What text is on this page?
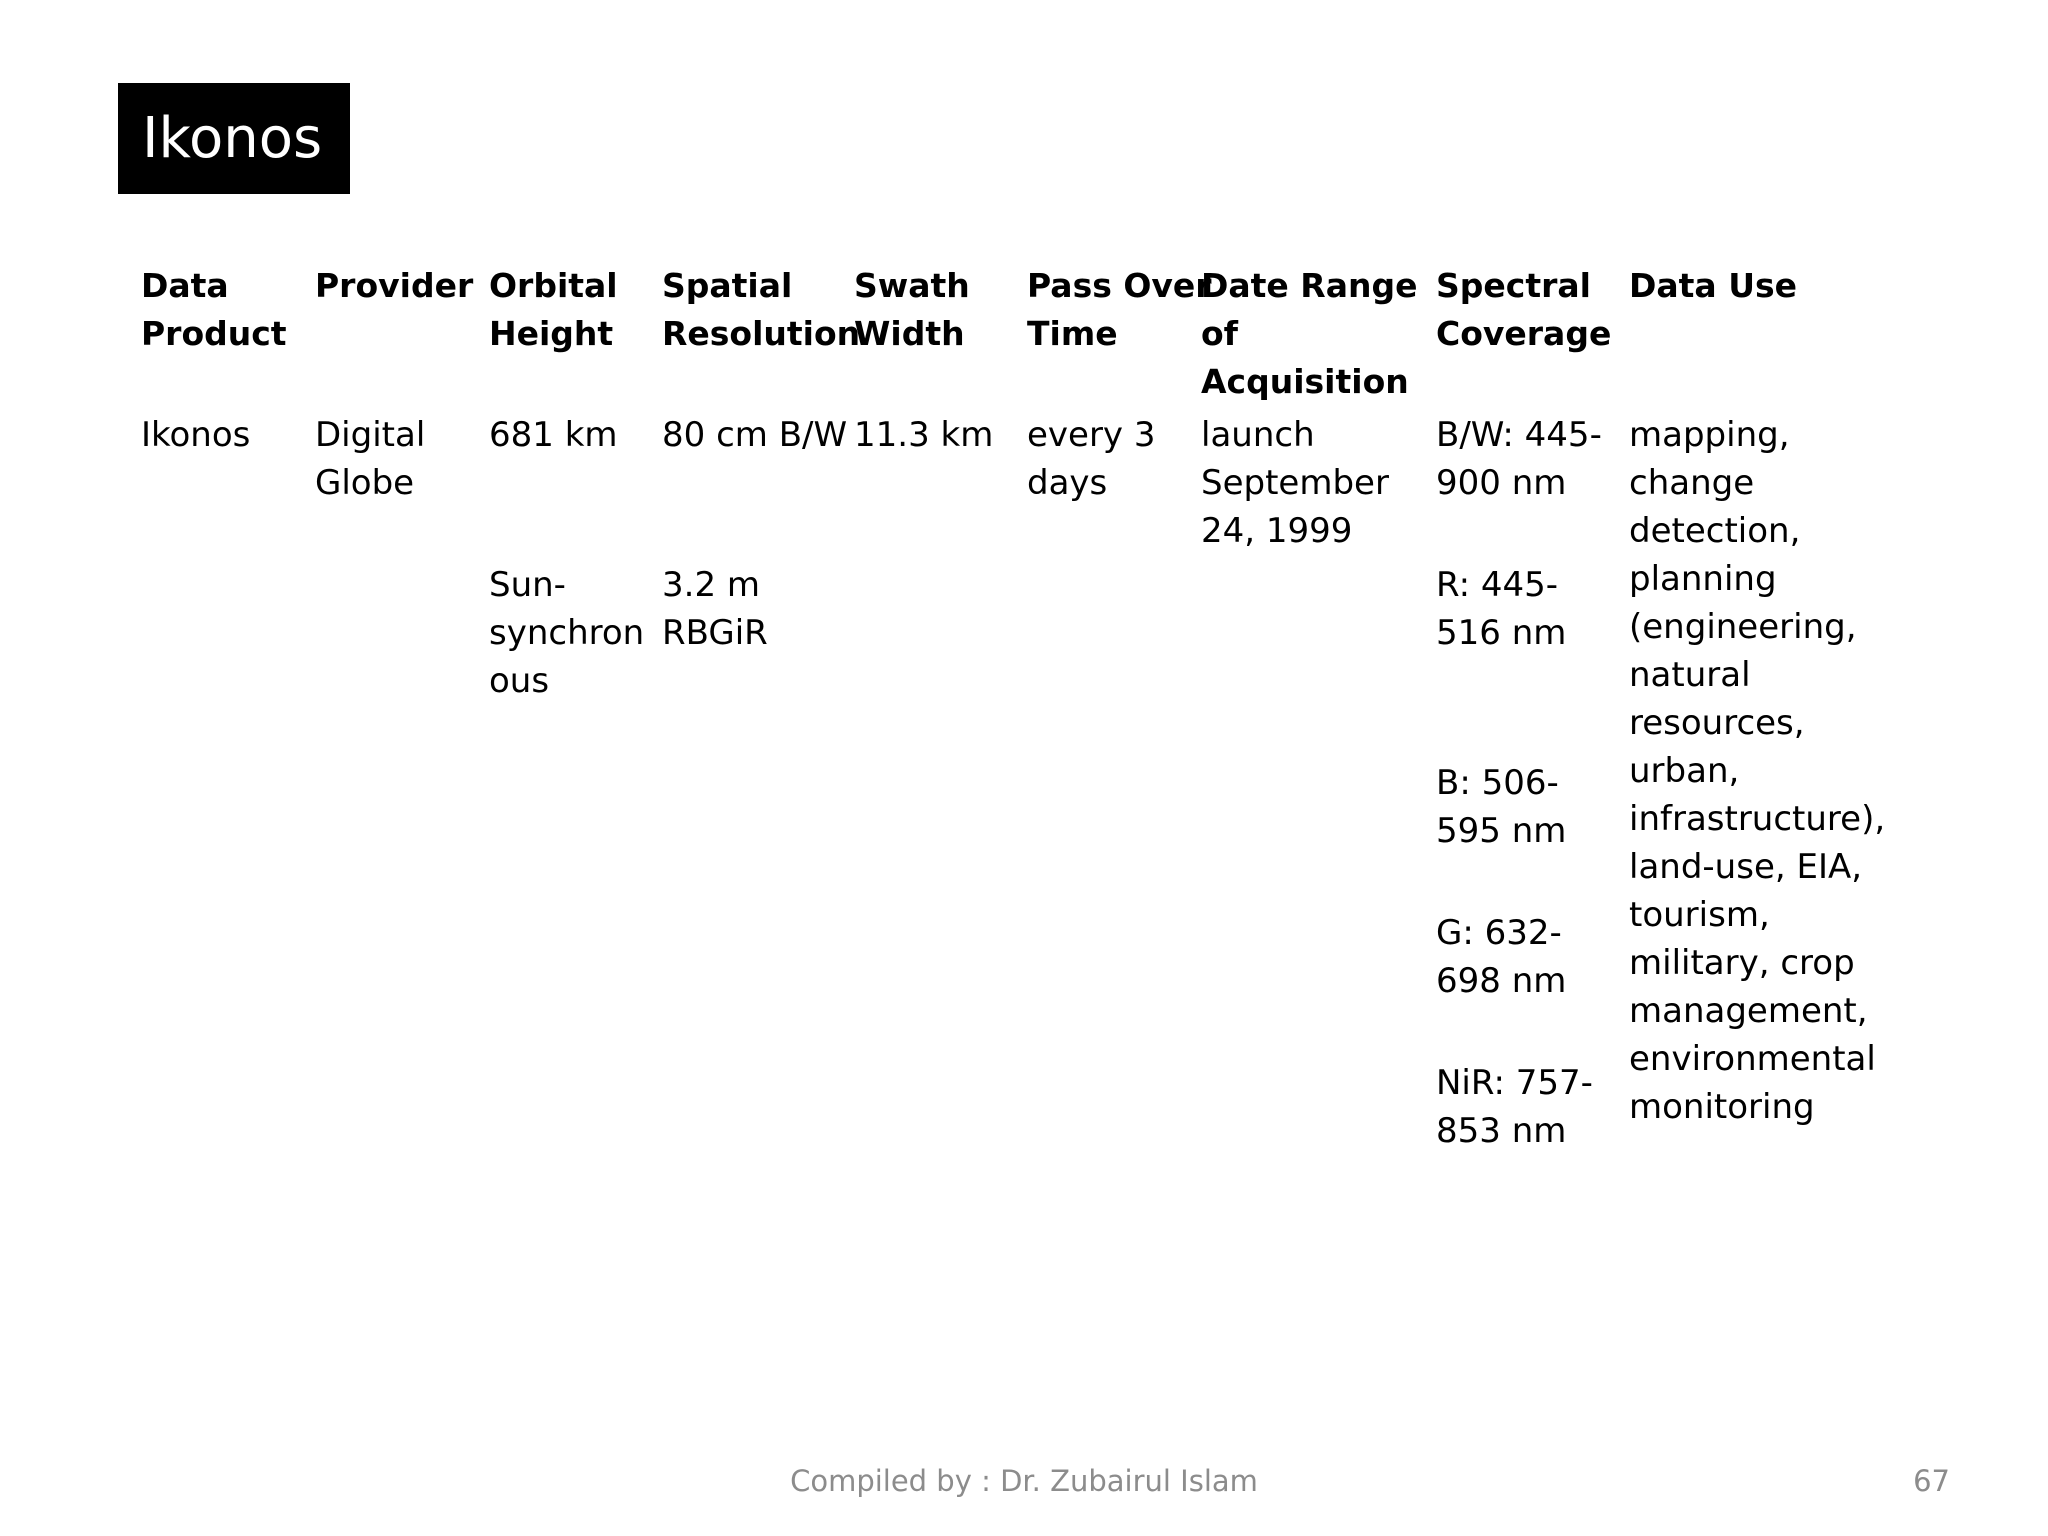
Ikonos
Data
Product
Provider Orbital
Height
Spatial
Resolution
Swath
Width
Pass Over
Time
Date Range
of
Acquisition
Spectral
Coverage
Data Use
Ikonos Digital
Globe
681 km
Sun-
synchron
ous
80 cm B/W
3.2 m
RBGiR
11.3 km every 3
days
launch
September
24, 1999
B/W: 445-
900 nm
R: 445-
516 nm
B: 506-
595 nm
G: 632-
698 nm
NiR: 757-
853 nm
mapping,
change
detection,
planning
(engineering,
natural
resources,
urban,
infrastructure),
land-use, EIA,
tourism,
military, crop
management,
environmental
monitoring
Compiled by : Dr. Zubairul Islam	67
